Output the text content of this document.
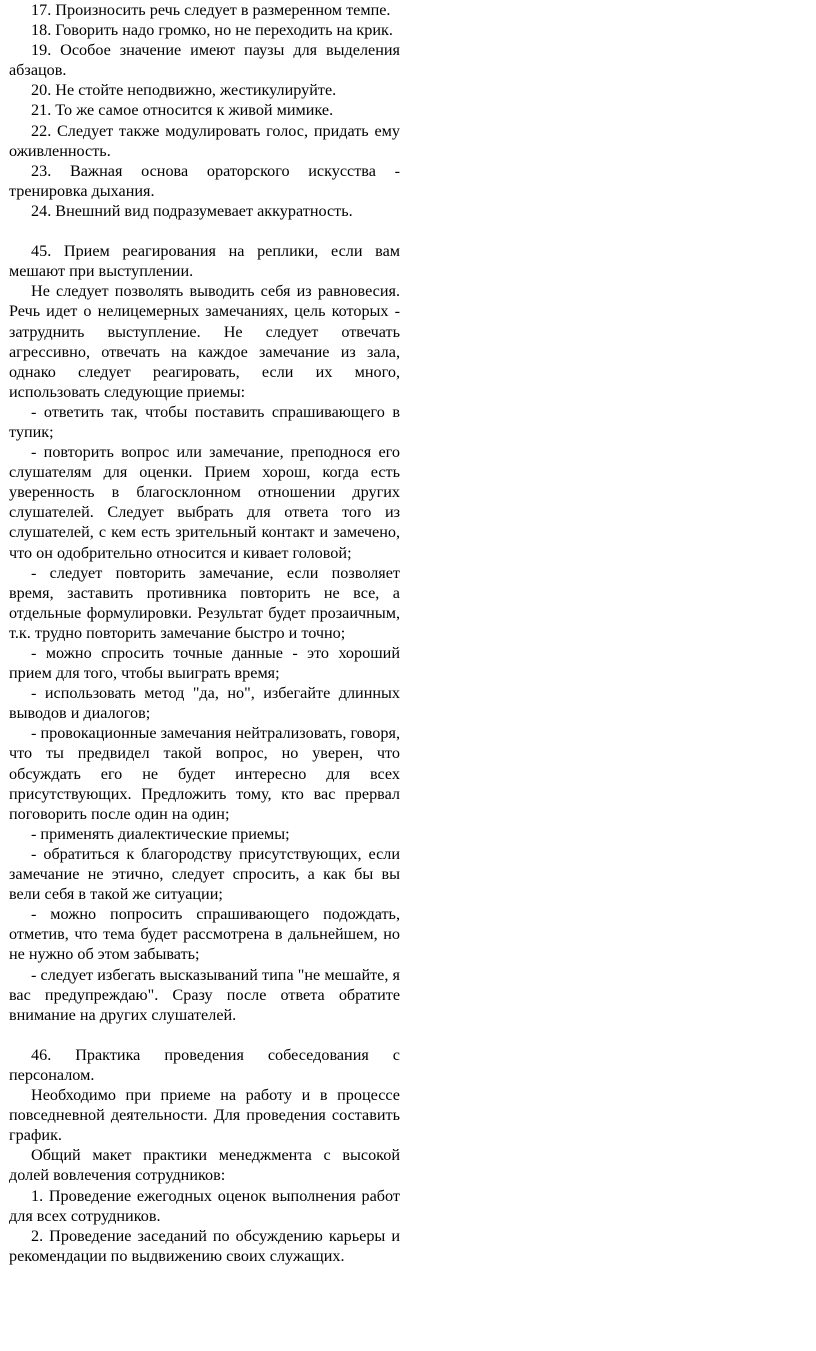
17. Произносить речь следует в размеренном темпе.

18. Говорить надо громко, но не переходить на крик.

19. Особое значение имеют паузы для выделения абзацов.

20. Не стойте неподвижно, жестикулируйте.

21. То же самое относится к живой мимике.

22. Следует также модулировать голос, придать ему оживленность.

23. Важная основа ораторского искусства - тренировка дыхания.

24. Внешний вид подразумевает аккуратность.

45. Прием реагирования на реплики, если вам мешают при выступлении.

Не следует позволять выводить себя из равновесия. Речь идет о нелицемерных замечаниях, цель которых - затруднить выступление. Не следует отвечать агрессивно, отвечать на каждое замечание из зала, однако следует реагировать, если их много, использовать следующие приемы:

- ответить так, чтобы поставить спрашивающего в тупик;

- повторить вопрос или замечание, преподнося его слушателям для оценки. Прием хорош, когда есть уверенность в благосклонном отношении других слушателей. Следует выбрать для ответа того из слушателей, с кем есть зрительный контакт и замечено, что он одобрительно относится и кивает головой;

- следует повторить замечание, если позволяет время, заставить противника повторить не все, а отдельные формулировки. Результат будет прозаичным, т.к. трудно повторить замечание быстро и точно;

- можно спросить точные данные - это хороший прием для того, чтобы выиграть время;

- использовать метод "да, но", избегайте длинных выводов и диалогов;

- провокационные замечания нейтрализовать, говоря, что ты предвидел такой вопрос, но уверен, что обсуждать его не будет интересно для всех присутствующих. Предложить тому, кто вас прервал поговорить после один на один;

- применять диалектические приемы;

- обратиться к благородству присутствующих, если замечание не этично, следует спросить, а как бы вы вели себя в такой же ситуации;

- можно попросить спрашивающего подождать, отметив, что тема будет рассмотрена в дальнейшем, но не нужно об этом забывать;

- следует избегать высказываний типа "не мешайте, я вас предупреждаю". Сразу после ответа обратите внимание на других слушателей.

46. Практика проведения собеседования с персоналом.

Необходимо при приеме на работу и в процессе повседневной деятельности. Для проведения составить график.

Общий макет практики менеджмента с высокой долей вовлечения сотрудников:

1. Проведение ежегодных оценок выполнения работ для всех сотрудников.

2. Проведение заседаний по обсуждению карьеры и рекомендации по выдвижению своих служащих.
